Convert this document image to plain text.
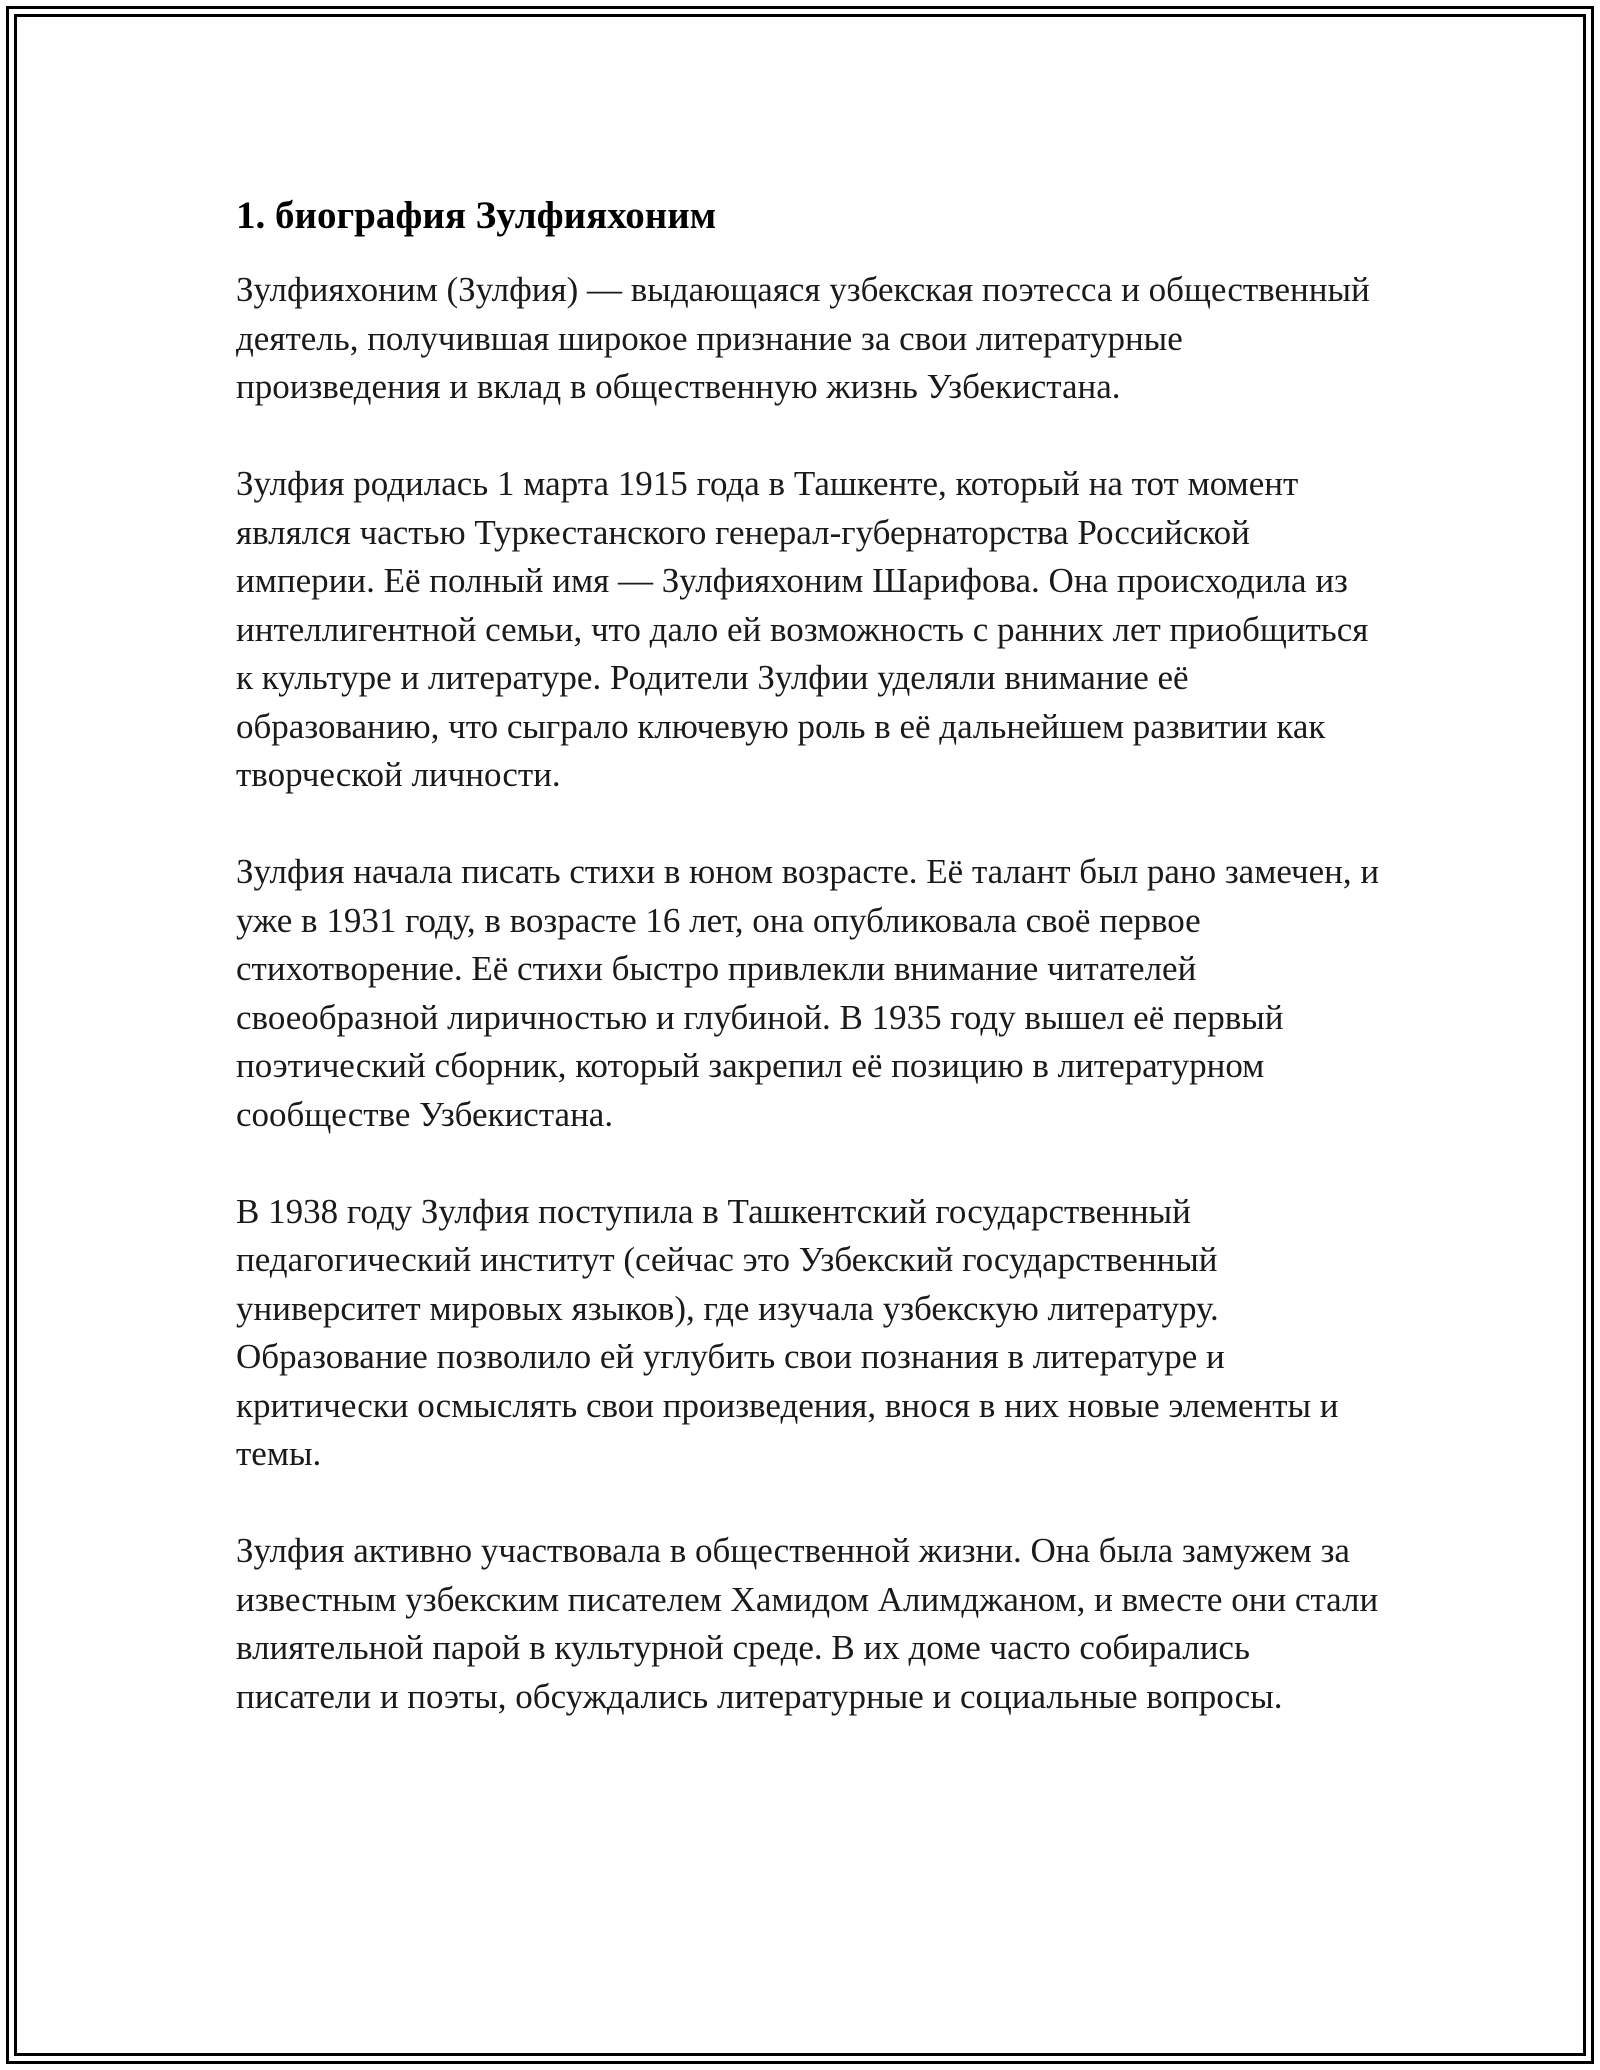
1. биография Зулфияхоним

Зулфияхоним (Зулфия) — выдающаяся узбекская поэтесса и общественный деятель, получившая широкое признание за свои литературные произведения и вклад в общественную жизнь Узбекистана.

Зулфия родилась 1 марта 1915 года в Ташкенте, который на тот момент являлся частью Туркестанского генерал-губернаторства Российской империи. Её полный имя — Зулфияхоним Шарифова. Она происходила из интеллигентной семьи, что дало ей возможность с ранних лет приобщиться к культуре и литературе. Родители Зулфии уделяли внимание её образованию, что сыграло ключевую роль в её дальнейшем развитии как творческой личности.

Зулфия начала писать стихи в юном возрасте. Её талант был рано замечен, и уже в 1931 году, в возрасте 16 лет, она опубликовала своё первое стихотворение. Её стихи быстро привлекли внимание читателей своеобразной лиричностью и глубиной. В 1935 году вышел её первый поэтический сборник, который закрепил её позицию в литературном сообществе Узбекистана.

В 1938 году Зулфия поступила в Ташкентский государственный педагогический институт (сейчас это Узбекский государственный университет мировых языков), где изучала узбекскую литературу. Образование позволило ей углубить свои познания в литературе и критически осмыслять свои произведения, внося в них новые элементы и темы.

Зулфия активно участвовала в общественной жизни. Она была замужем за известным узбекским писателем Хамидом Алимджаном, и вместе они стали влиятельной парой в культурной среде. В их доме часто собирались писатели и поэты, обсуждались литературные и социальные вопросы.
